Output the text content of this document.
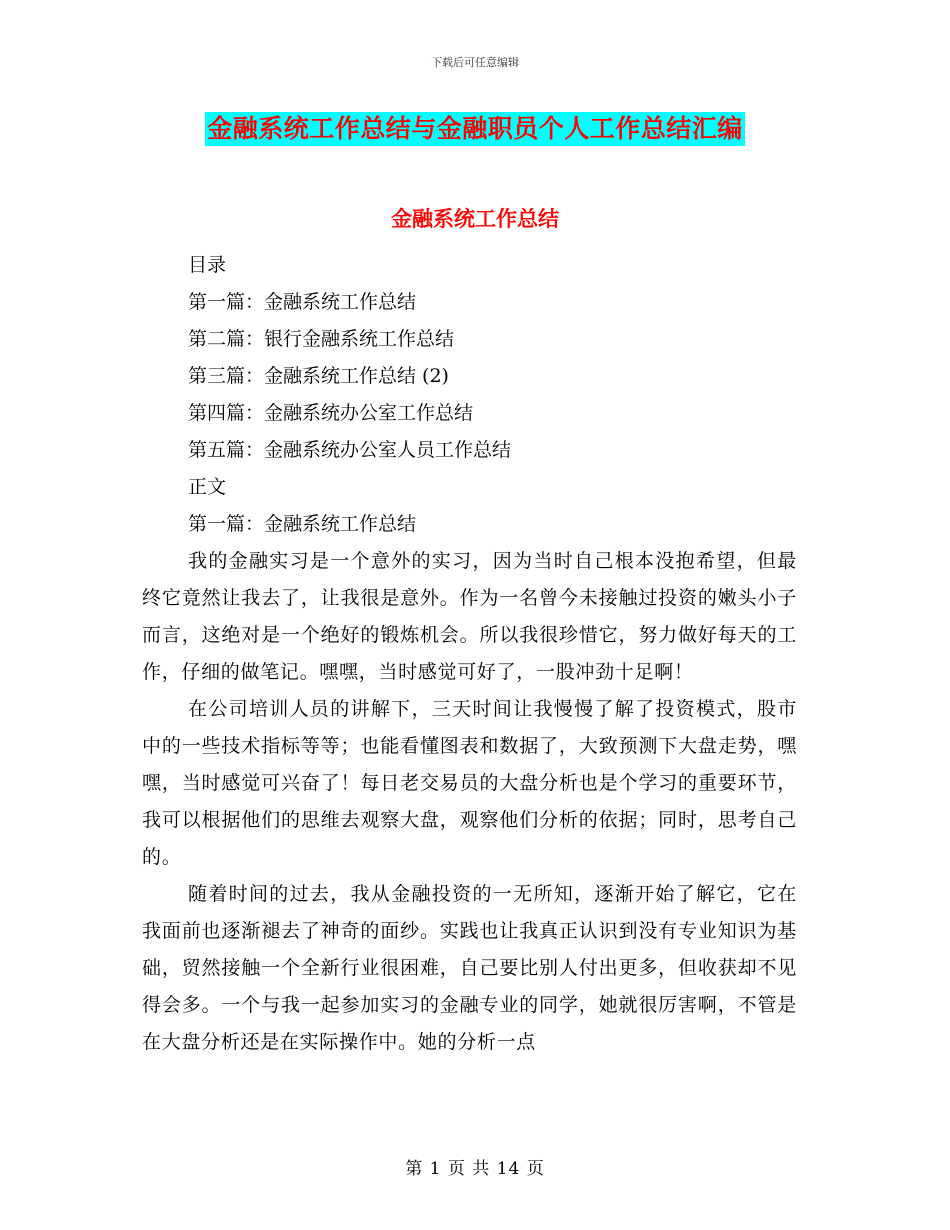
下载后可任意编辑
金融系统工作总结与金融职员个人工作总结汇编
金融系统工作总结
目录
第一篇：金融系统工作总结
第二篇：银行金融系统工作总结
第三篇：金融系统工作总结 (2)
第四篇：金融系统办公室工作总结
第五篇：金融系统办公室人员工作总结
正文
第一篇：金融系统工作总结

我的金融实习是一个意外的实习，因为当时自己根本没抱希望，但最终它竟然让我去了，让我很是意外。作为一名曾今未接触过投资的嫩头小子而言，这绝对是一个绝好的锻炼机会。所以我很珍惜它，努力做好每天的工作，仔细的做笔记。嘿嘿，当时感觉可好了，一股冲劲十足啊！

在公司培训人员的讲解下，三天时间让我慢慢了解了投资模式，股市中的一些技术指标等等；也能看懂图表和数据了，大致预测下大盘走势，嘿嘿，当时感觉可兴奋了！每日老交易员的大盘分析也是个学习的重要环节，我可以根据他们的思维去观察大盘，观察他们分析的依据；同时，思考自己的。

随着时间的过去，我从金融投资的一无所知，逐渐开始了解它，它在我面前也逐渐褪去了神奇的面纱。实践也让我真正认识到没有专业知识为基础，贸然接触一个全新行业很困难，自己要比别人付出更多，但收获却不见得会多。一个与我一起参加实习的金融专业的同学，她就很厉害啊，不管是在大盘分析还是在实际操作中。她的分析一点

第 1 页 共 14 页
